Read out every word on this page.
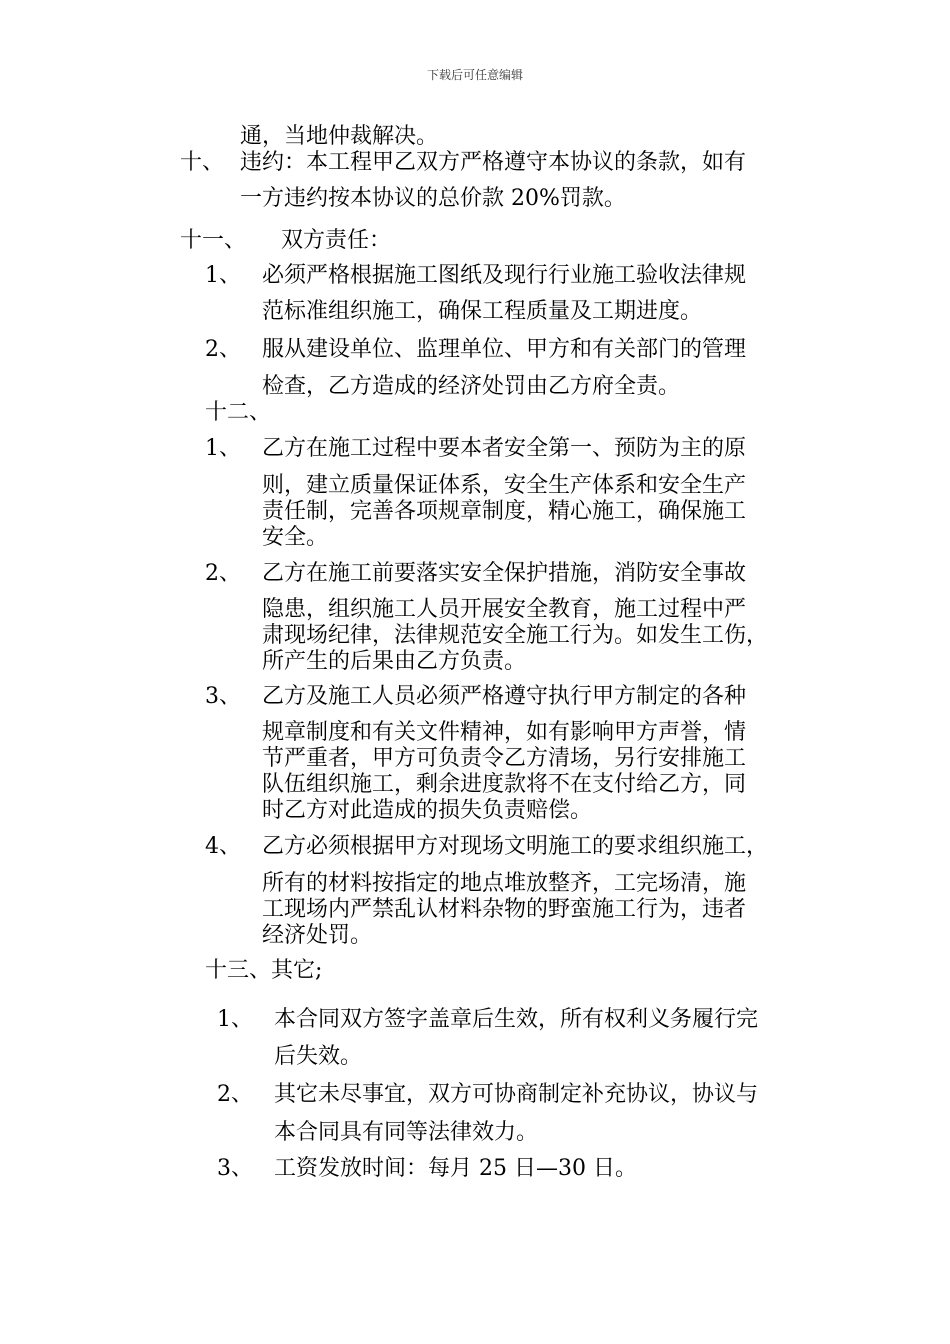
下载后可任意编辑
通，当地仲裁解决。
十、 违约：本工程甲乙双方严格遵守本协议的条款，如有
一方违约按本协议的总价款 20%罚款。
十一、 双方责任：
1、 必须严格根据施工图纸及现行行业施工验收法律规
范标准组织施工，确保工程质量及工期进度。
2、 服从建设单位、监理单位、甲方和有关部门的管理
检查，乙方造成的经济处罚由乙方府全责。
十二、
1、 乙方在施工过程中要本者安全第一、预防为主的原
则，建立质量保证体系，安全生产体系和安全生产
责任制，完善各项规章制度，精心施工，确保施工
安全。
2、 乙方在施工前要落实安全保护措施，消防安全事故
隐患，组织施工人员开展安全教育，施工过程中严
肃现场纪律，法律规范安全施工行为。如发生工伤，
所产生的后果由乙方负责。
3、 乙方及施工人员必须严格遵守执行甲方制定的各种
规章制度和有关文件精神，如有影响甲方声誉，情
节严重者，甲方可负责令乙方清场，另行安排施工
队伍组织施工，剩余进度款将不在支付给乙方，同
时乙方对此造成的损失负责赔偿。
4、 乙方必须根据甲方对现场文明施工的要求组织施工，
所有的材料按指定的地点堆放整齐，工完场清，施
工现场内严禁乱认材料杂物的野蛮施工行为，违者
经济处罚。
十三、其它;
1、 本合同双方签字盖章后生效，所有权利义务履行完
后失效。
2、 其它未尽事宜，双方可协商制定补充协议，协议与
本合同具有同等法律效力。
3、 工资发放时间：每月 25 日—30 日。
